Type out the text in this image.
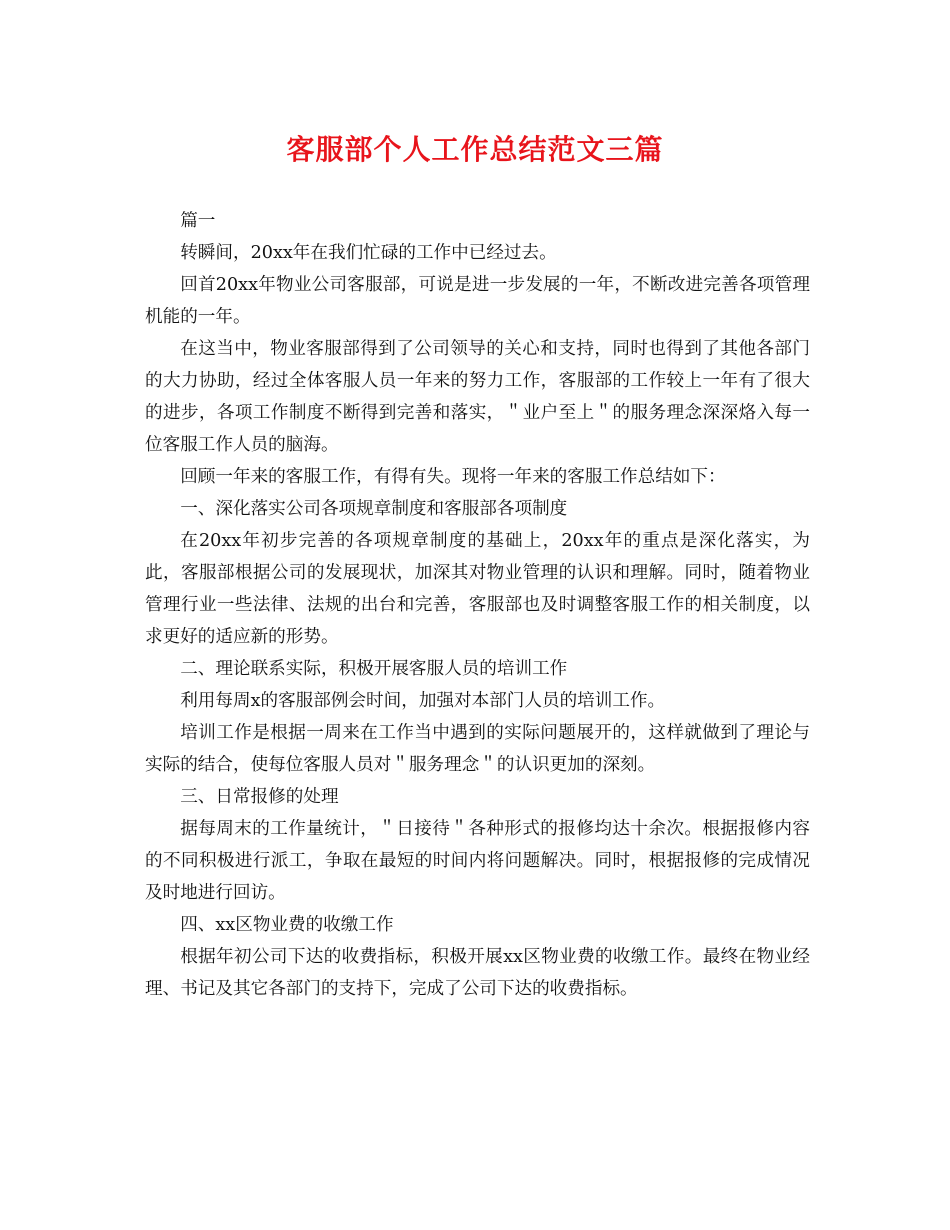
客服部个人工作总结范文三篇

篇一

转瞬间，20xx年在我们忙碌的工作中已经过去。

回首20xx年物业公司客服部，可说是进一步发展的一年，不断改进完善各项管理机能的一年。

在这当中，物业客服部得到了公司领导的关心和支持，同时也得到了其他各部门的大力协助，经过全体客服人员一年来的努力工作，客服部的工作较上一年有了很大的进步，各项工作制度不断得到完善和落实，＂业户至上＂的服务理念深深烙入每一位客服工作人员的脑海。

回顾一年来的客服工作，有得有失。现将一年来的客服工作总结如下：

一、深化落实公司各项规章制度和客服部各项制度

在20xx年初步完善的各项规章制度的基础上，20xx年的重点是深化落实，为此，客服部根据公司的发展现状，加深其对物业管理的认识和理解。同时，随着物业管理行业一些法律、法规的出台和完善，客服部也及时调整客服工作的相关制度，以求更好的适应新的形势。

二、理论联系实际，积极开展客服人员的培训工作

利用每周x的客服部例会时间，加强对本部门人员的培训工作。

培训工作是根据一周来在工作当中遇到的实际问题展开的，这样就做到了理论与实际的结合，使每位客服人员对＂服务理念＂的认识更加的深刻。

三、日常报修的处理

据每周末的工作量统计，＂日接待＂各种形式的报修均达十余次。根据报修内容的不同积极进行派工，争取在最短的时间内将问题解决。同时，根据报修的完成情况及时地进行回访。

四、xx区物业费的收缴工作

根据年初公司下达的收费指标，积极开展xx区物业费的收缴工作。最终在物业经理、书记及其它各部门的支持下，完成了公司下达的收费指标。
